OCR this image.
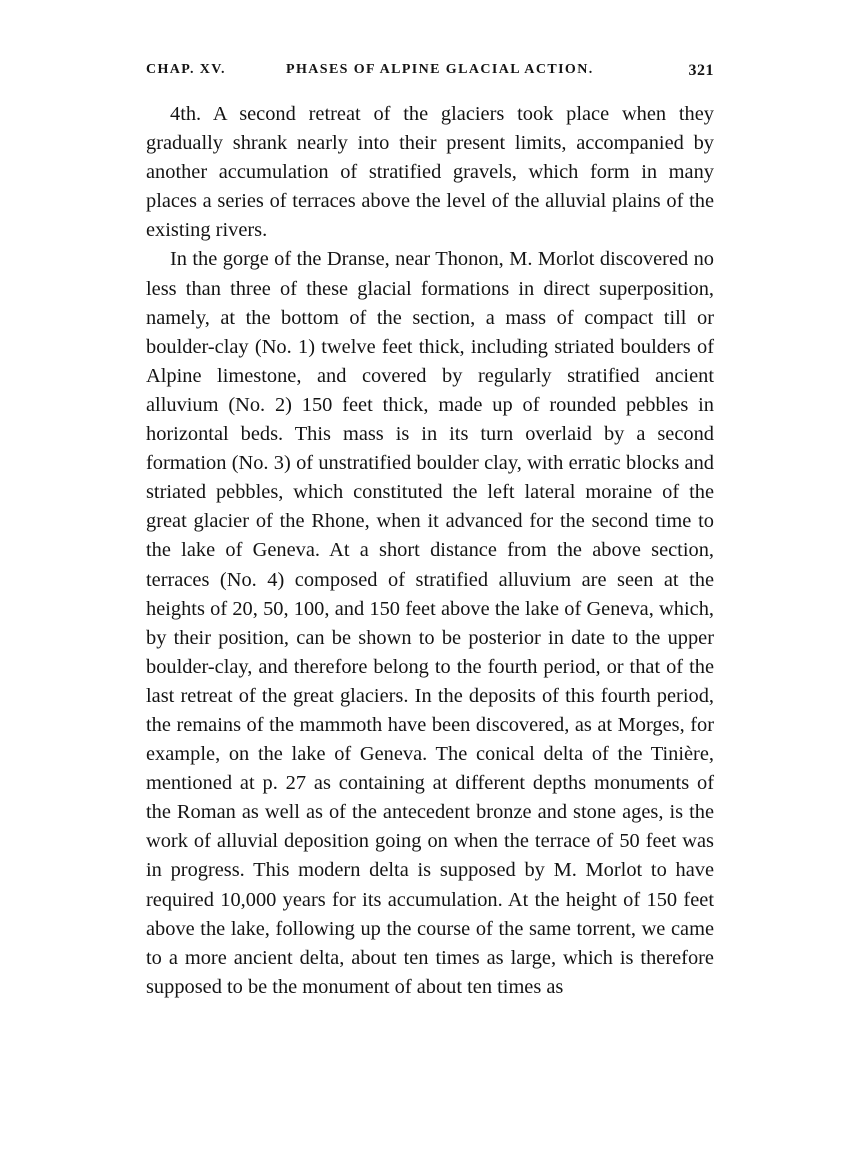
CHAP. XV.	PHASES OF ALPINE GLACIAL ACTION.	321

4th. A second retreat of the glaciers took place when they gradually shrank nearly into their present limits, accompanied by another accumulation of stratified gravels, which form in many places a series of terraces above the level of the alluvial plains of the existing rivers.

In the gorge of the Dranse, near Thonon, M. Morlot discovered no less than three of these glacial formations in direct superposition, namely, at the bottom of the section, a mass of compact till or boulder-clay (No. 1) twelve feet thick, including striated boulders of Alpine limestone, and covered by regularly stratified ancient alluvium (No. 2) 150 feet thick, made up of rounded pebbles in horizontal beds. This mass is in its turn overlaid by a second formation (No. 3) of unstratified boulder clay, with erratic blocks and striated pebbles, which constituted the left lateral moraine of the great glacier of the Rhone, when it advanced for the second time to the lake of Geneva. At a short distance from the above section, terraces (No. 4) composed of stratified alluvium are seen at the heights of 20, 50, 100, and 150 feet above the lake of Geneva, which, by their position, can be shown to be posterior in date to the upper boulder-clay, and therefore belong to the fourth period, or that of the last retreat of the great glaciers. In the deposits of this fourth period, the remains of the mammoth have been discovered, as at Morges, for example, on the lake of Geneva. The conical delta of the Tinière, mentioned at p. 27 as containing at different depths monuments of the Roman as well as of the antecedent bronze and stone ages, is the work of alluvial deposition going on when the terrace of 50 feet was in progress. This modern delta is supposed by M. Morlot to have required 10,000 years for its accumulation. At the height of 150 feet above the lake, following up the course of the same torrent, we came to a more ancient delta, about ten times as large, which is therefore supposed to be the monument of about ten times as
